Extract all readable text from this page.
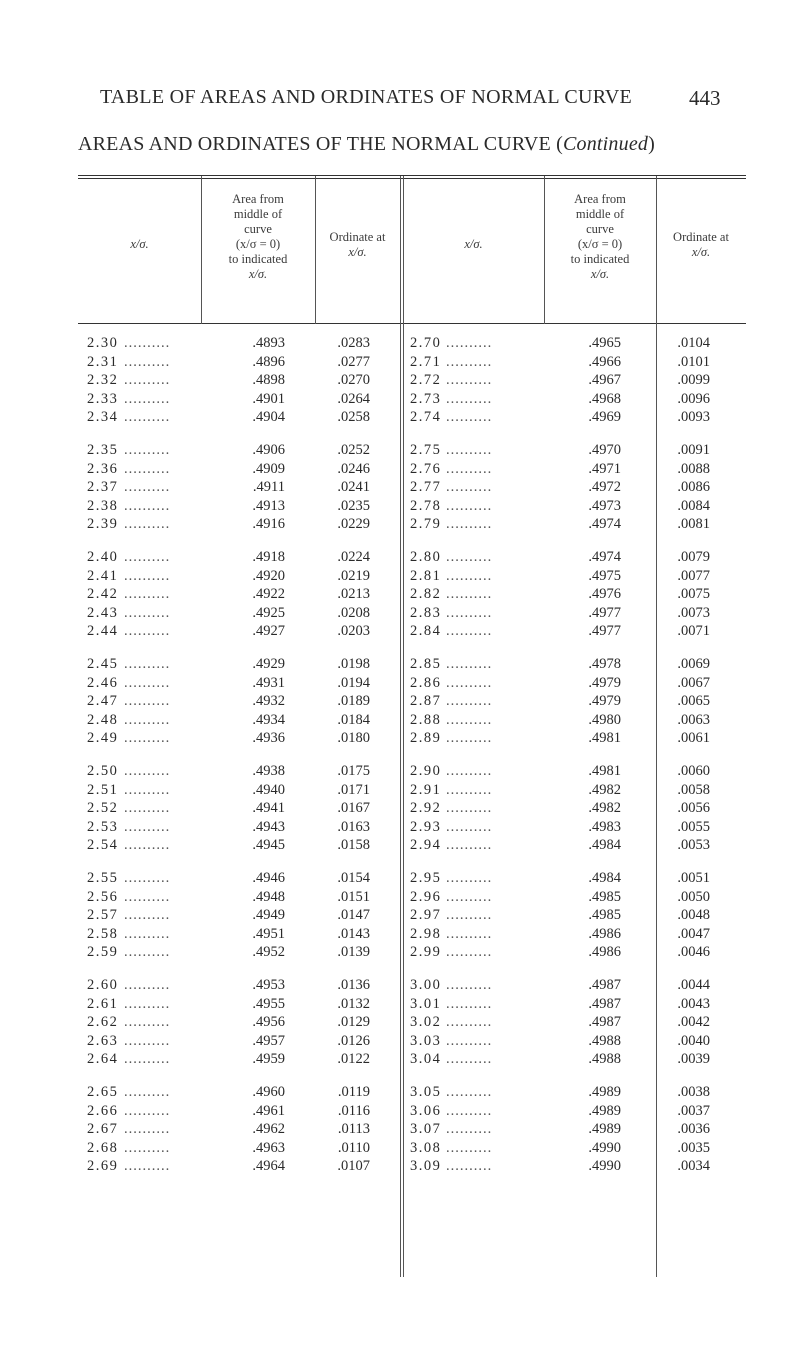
TABLE OF AREAS AND ORDINATES OF NORMAL CURVE	443
AREAS AND ORDINATES OF THE NORMAL CURVE (Continued)
x/σ.

Area from
middle of
curve
(x/σ = 0)
to indicated
x/σ.

Ordinate at
x/σ.

x/σ.

Area from
middle of
curve
(x/σ = 0)
to indicated
x/σ.

Ordinate at
x/σ.

2.30 ..........	.4893	.0283
2.31 ..........	.4896	.0277
2.32 ..........	.4898	.0270
2.33 ..........	.4901	.0264
2.34 ..........	.4904	.0258
2.35 ..........	.4906	.0252
2.36 ..........	.4909	.0246
2.37 ..........	.4911	.0241
2.38 ..........	.4913	.0235
2.39 ..........	.4916	.0229
2.40 ..........	.4918	.0224
2.41 ..........	.4920	.0219
2.42 ..........	.4922	.0213
2.43 ..........	.4925	.0208
2.44 ..........	.4927	.0203
2.45 ..........	.4929	.0198
2.46 ..........	.4931	.0194
2.47 ..........	.4932	.0189
2.48 ..........	.4934	.0184
2.49 ..........	.4936	.0180
2.50 ..........	.4938	.0175
2.51 ..........	.4940	.0171
2.52 ..........	.4941	.0167
2.53 ..........	.4943	.0163
2.54 ..........	.4945	.0158
2.55 ..........	.4946	.0154
2.56 ..........	.4948	.0151
2.57 ..........	.4949	.0147
2.58 ..........	.4951	.0143
2.59 ..........	.4952	.0139
2.60 ..........	.4953	.0136
2.61 ..........	.4955	.0132
2.62 ..........	.4956	.0129
2.63 ..........	.4957	.0126
2.64 ..........	.4959	.0122
2.65 ..........	.4960	.0119
2.66 ..........	.4961	.0116
2.67 ..........	.4962	.0113
2.68 ..........	.4963	.0110
2.69 ..........	.4964	.0107
2.70 ..........	.4965	.0104
2.71 ..........	.4966	.0101
2.72 ..........	.4967	.0099
2.73 ..........	.4968	.0096
2.74 ..........	.4969	.0093
2.75 ..........	.4970	.0091
2.76 ..........	.4971	.0088
2.77 ..........	.4972	.0086
2.78 ..........	.4973	.0084
2.79 ..........	.4974	.0081
2.80 ..........	.4974	.0079
2.81 ..........	.4975	.0077
2.82 ..........	.4976	.0075
2.83 ..........	.4977	.0073
2.84 ..........	.4977	.0071
2.85 ..........	.4978	.0069
2.86 ..........	.4979	.0067
2.87 ..........	.4979	.0065
2.88 ..........	.4980	.0063
2.89 ..........	.4981	.0061
2.90 ..........	.4981	.0060
2.91 ..........	.4982	.0058
2.92 ..........	.4982	.0056
2.93 ..........	.4983	.0055
2.94 ..........	.4984	.0053
2.95 ..........	.4984	.0051
2.96 ..........	.4985	.0050
2.97 ..........	.4985	.0048
2.98 ..........	.4986	.0047
2.99 ..........	.4986	.0046
3.00 ..........	.4987	.0044
3.01 ..........	.4987	.0043
3.02 ..........	.4987	.0042
3.03 ..........	.4988	.0040
3.04 ..........	.4988	.0039
3.05 ..........	.4989	.0038
3.06 ..........	.4989	.0037
3.07 ..........	.4989	.0036
3.08 ..........	.4990	.0035
3.09 ..........	.4990	.0034
